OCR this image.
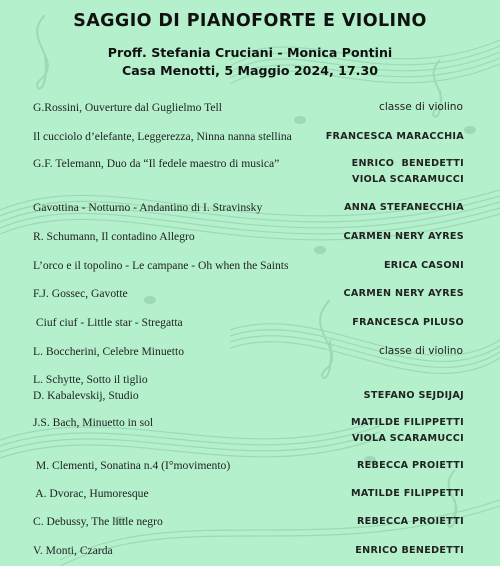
SAGGIO DI PIANOFORTE E VIOLINO
Proff. Stefania Cruciani - Monica Pontini
Casa Menotti, 5 Maggio 2024, 17.30
G.Rossini, Ouverture dal Guglielmo Tell	classe di violino
Il cucciolo d’elefante, Leggerezza, Ninna nanna stellina	FRANCESCA MARACCHIA
G.F. Telemann, Duo da “Il fedele maestro di musica”	ENRICO  BENEDETTI
VIOLA SCARAMUCCI
Gavottina - Notturno - Andantino di I. Stravinsky	ANNA STEFANECCHIA
R. Schumann, Il contadino Allegro	CARMEN NERY AYRES
L’orco e il topolino - Le campane - Oh when the Saints	ERICA CASONI
F.J. Gossec, Gavotte	CARMEN NERY AYRES
Ciuf ciuf - Little star - Stregatta	FRANCESCA PILUSO
L. Boccherini, Celebre Minuetto	classe di violino
L. Schytte, Sotto il tiglio
D. Kabalevskij, Studio	STEFANO SEJDIJAJ
J.S. Bach, Minuetto in sol	MATILDE FILIPPETTI
VIOLA SCARAMUCCI
M. Clementi, Sonatina n.4 (I°movimento)	REBECCA PROIETTI
A. Dvorac, Humoresque	MATILDE FILIPPETTI
C. Debussy, The little negro	REBECCA PROIETTI
V. Monti, Czarda	ENRICO BENEDETTI
